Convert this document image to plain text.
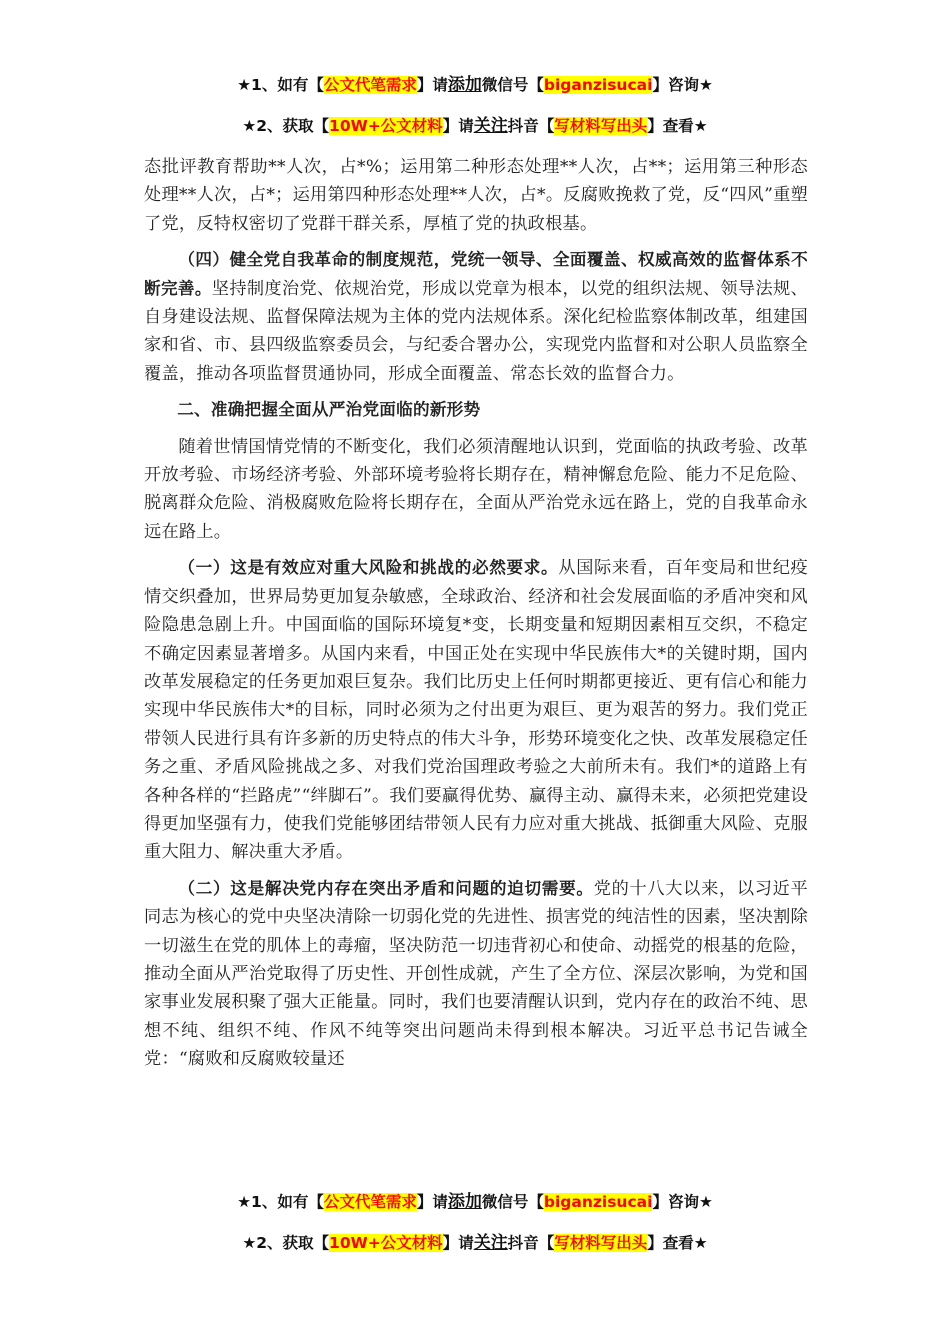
★1、如有【公文代笔需求】请添加微信号【biganzisucai】咨询★
★2、获取【10W+公文材料】请关注抖音【写材料写出头】查看★

态批评教育帮助**人次，占*%；运用第二种形态处理**人次，占**；运用第三种形态处理**人次，占*；运用第四种形态处理**人次，占*。反腐败挽救了党，反“四风”重塑了党，反特权密切了党群干群关系，厚植了党的执政根基。

（四）健全党自我革命的制度规范，党统一领导、全面覆盖、权威高效的监督体系不断完善。坚持制度治党、依规治党，形成以党章为根本，以党的组织法规、领导法规、自身建设法规、监督保障法规为主体的党内法规体系。深化纪检监察体制改革，组建国家和省、市、县四级监察委员会，与纪委合署办公，实现党内监督和对公职人员监察全覆盖，推动各项监督贯通协同，形成全面覆盖、常态长效的监督合力。

二、准确把握全面从严治党面临的新形势

随着世情国情党情的不断变化，我们必须清醒地认识到，党面临的执政考验、改革开放考验、市场经济考验、外部环境考验将长期存在，精神懈怠危险、能力不足危险、脱离群众危险、消极腐败危险将长期存在，全面从严治党永远在路上，党的自我革命永远在路上。

（一）这是有效应对重大风险和挑战的必然要求。从国际来看，百年变局和世纪疫情交织叠加，世界局势更加复杂敏感，全球政治、经济和社会发展面临的矛盾冲突和风险隐患急剧上升。中国面临的国际环境复*变，长期变量和短期因素相互交织，不稳定不确定因素显著增多。从国内来看，中国正处在实现中华民族伟大*的关键时期，国内改革发展稳定的任务更加艰巨复杂。我们比历史上任何时期都更接近、更有信心和能力实现中华民族伟大*的目标，同时必须为之付出更为艰巨、更为艰苦的努力。我们党正带领人民进行具有许多新的历史特点的伟大斗争，形势环境变化之快、改革发展稳定任务之重、矛盾风险挑战之多、对我们党治国理政考验之大前所未有。我们*的道路上有各种各样的“拦路虎”“绊脚石”。我们要赢得优势、赢得主动、赢得未来，必须把党建设得更加坚强有力，使我们党能够团结带领人民有力应对重大挑战、抵御重大风险、克服重大阻力、解决重大矛盾。

（二）这是解决党内存在突出矛盾和问题的迫切需要。党的十八大以来，以习近平同志为核心的党中央坚决清除一切弱化党的先进性、损害党的纯洁性的因素，坚决割除一切滋生在党的肌体上的毒瘤，坚决防范一切违背初心和使命、动摇党的根基的危险，推动全面从严治党取得了历史性、开创性成就，产生了全方位、深层次影响，为党和国家事业发展积聚了强大正能量。同时，我们也要清醒认识到，党内存在的政治不纯、思想不纯、组织不纯、作风不纯等突出问题尚未得到根本解决。习近平总书记告诫全党：“腐败和反腐败较量还

★1、如有【公文代笔需求】请添加微信号【biganzisucai】咨询★
★2、获取【10W+公文材料】请关注抖音【写材料写出头】查看★
